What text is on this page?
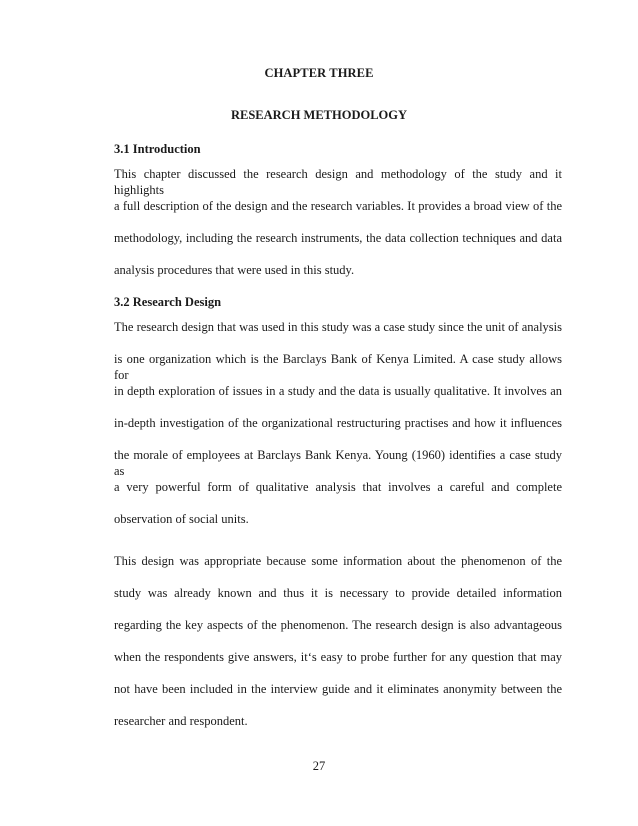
CHAPTER THREE

RESEARCH METHODOLOGY

3.1 Introduction

This chapter discussed the research design and methodology of the study and it highlights

a full description of the design and the research variables. It provides a broad view of the

methodology, including the research instruments, the data collection techniques and data

analysis procedures that were used in this study.

3.2 Research Design

The research design that was used in this study was a case study since the unit of analysis

is one organization which is the Barclays Bank of Kenya Limited. A case study allows for

in depth exploration of issues in a study and the data is usually qualitative. It involves an

in-depth investigation of the organizational restructuring practises and how it influences

the morale of employees at Barclays Bank Kenya. Young (1960) identifies a case study as

a very powerful form of qualitative analysis that involves a careful and complete

observation of social units.

This design was appropriate because some information about the phenomenon of the

study was already known and thus it is necessary to provide detailed information

regarding the key aspects of the phenomenon. The research design is also advantageous

when the respondents give answers, it‘s easy to probe further for any question that may

not have been included in the interview guide and it eliminates anonymity between the

researcher and respondent.

27
